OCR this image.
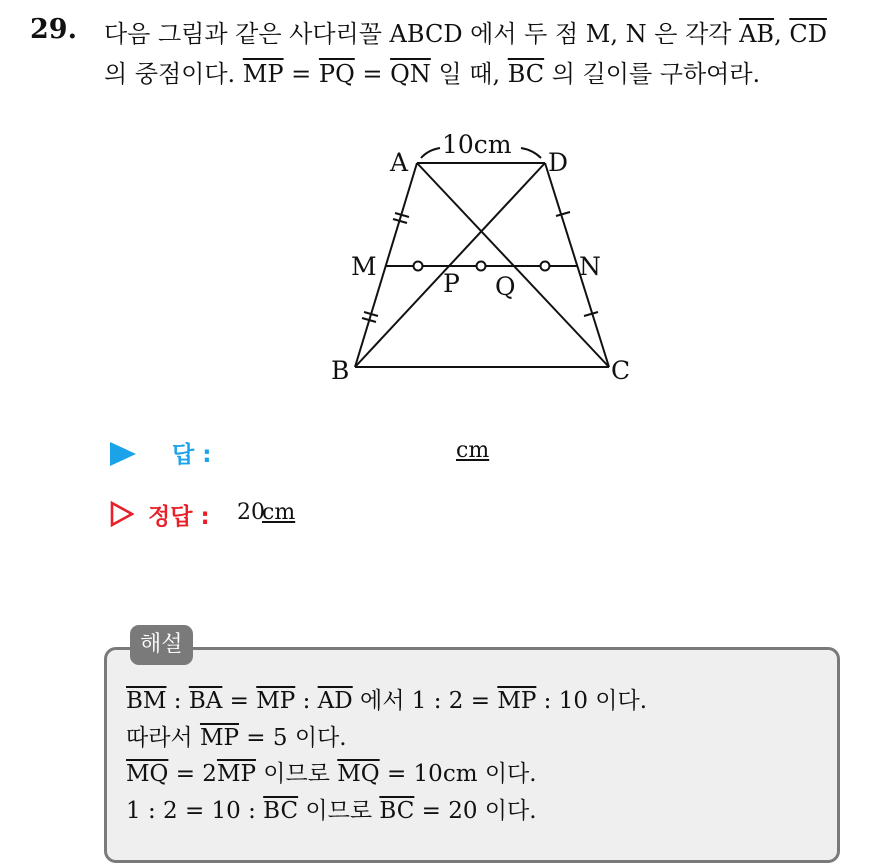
29. 다음 그림과 같은 사다리꼴 ABCD 에서 두 점 M, N 은 각각 $\overline{AB}$, $\overline{CD}$
의 중점이다. $\overline{MP} = \overline{PQ} = \overline{QN}$ 일 때, $\overline{BC}$ 의 길이를 구하여라.
A	D
B	C
M	N
P Q
10cm
답 :	cm
정답 : 20
cm
해설
$\overline{BM}$ : $\overline{BA} = \overline{MP}$ : $\overline{AD}$ 에서 1 : $2 = \overline{MP}$ : 10 이다.
따라서 $\overline{MP} = 5$ 이다.
$\overline{MQ} = 2\overline{MP}$ 이므로 $\overline{MQ} = 10cm$ 이다.
1 : 2 = 10 : $\overline{BC}$ 이므로 $\overline{BC} = 20$ 이다.
